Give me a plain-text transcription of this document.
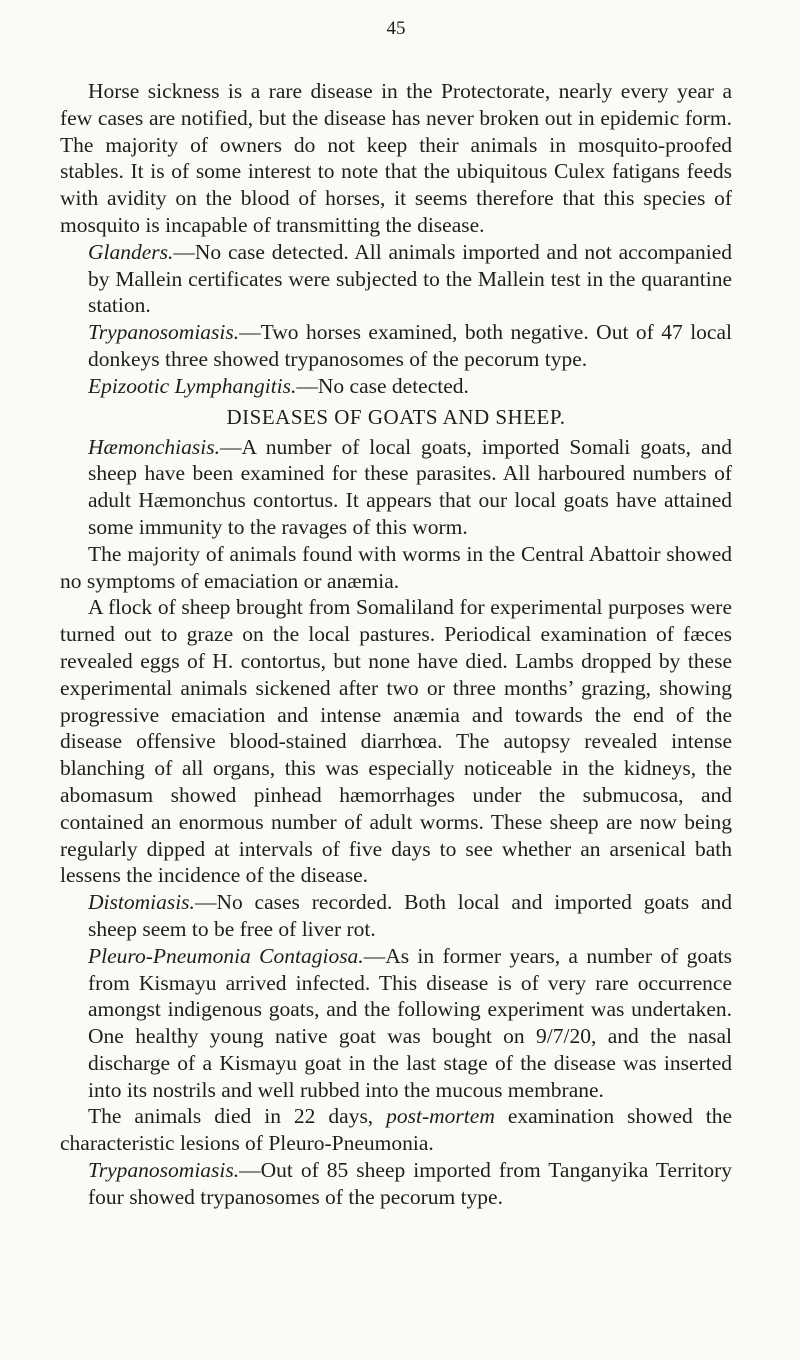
45

Horse sickness is a rare disease in the Protectorate, nearly every year a few cases are notified, but the disease has never broken out in epidemic form. The majority of owners do not keep their animals in mosquito-proofed stables. It is of some interest to note that the ubiquitous Culex fatigans feeds with avidity on the blood of horses, it seems therefore that this species of mosquito is incapable of transmitting the disease.

Glanders.—No case detected. All animals imported and not accompanied by Mallein certificates were subjected to the Mallein test in the quarantine station.

Trypanosomiasis.—Two horses examined, both negative. Out of 47 local donkeys three showed trypanosomes of the pecorum type.

Epizootic Lymphangitis.—No case detected.

DISEASES OF GOATS AND SHEEP.

Hæmonchiasis.—A number of local goats, imported Somali goats, and sheep have been examined for these parasites. All harboured numbers of adult Hæmonchus contortus. It appears that our local goats have attained some immunity to the ravages of this worm.

The majority of animals found with worms in the Central Abattoir showed no symptoms of emaciation or anæmia.

A flock of sheep brought from Somaliland for experimental purposes were turned out to graze on the local pastures. Periodical examination of fæces revealed eggs of H. contortus, but none have died. Lambs dropped by these experimental animals sickened after two or three months’ grazing, showing progressive emaciation and intense anæmia and towards the end of the disease offensive blood-stained diarrhœa. The autopsy revealed intense blanching of all organs, this was especially noticeable in the kidneys, the abomasum showed pinhead hæmorrhages under the submucosa, and contained an enormous number of adult worms. These sheep are now being regularly dipped at intervals of five days to see whether an arsenical bath lessens the incidence of the disease.

Distomiasis.—No cases recorded. Both local and imported goats and sheep seem to be free of liver rot.

Pleuro-Pneumonia Contagiosa.—As in former years, a number of goats from Kismayu arrived infected. This disease is of very rare occurrence amongst indigenous goats, and the following experiment was undertaken. One healthy young native goat was bought on 9/7/20, and the nasal discharge of a Kismayu goat in the last stage of the disease was inserted into its nostrils and well rubbed into the mucous membrane.

The animals died in 22 days, post-mortem examination showed the characteristic lesions of Pleuro-Pneumonia.

Trypanosomiasis.—Out of 85 sheep imported from Tanganyika Territory four showed trypanosomes of the pecorum type.
